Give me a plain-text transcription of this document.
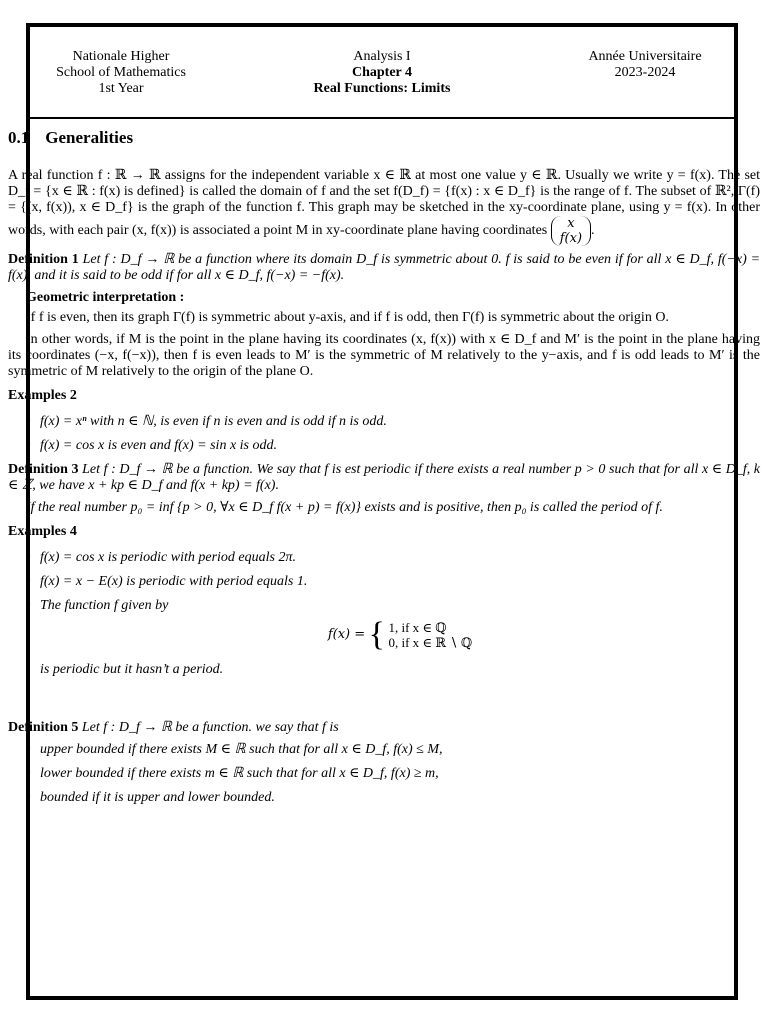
Nationale Higher
School of Mathematics
1st Year
Analysis I
Chapter 4
Real Functions: Limits
Année Universitaire
2023-2024
0.1 Generalities

A real function f : ℝ → ℝ assigns for the independent variable x ∈ ℝ at most one value y ∈ ℝ. Usually we write y = f(x). The set D_f = {x ∈ ℝ : f(x) is defined} is called the domain of f and the set f(D_f) = {f(x) : x ∈ D_f} is the range of f. The subset of ℝ², Γ(f) = {(x, f(x)), x ∈ D_f} is the graph of the function f. This graph may be sketched in the xy-coordinate plane, using y = f(x). In other words, with each pair (x, f(x)) is associated a point M in xy-coordinate plane having coordinates x
f(x).

Definition 1 Let f : D_f → ℝ be a function where its domain D_f is symmetric about 0. f is said to be even if for all x ∈ D_f, f(−x) = f(x), and it is said to be odd if for all x ∈ D_f, f(−x) = −f(x).

Geometric interpretation :

If f is even, then its graph Γ(f) is symmetric about y-axis, and if f is odd, then Γ(f) is symmetric about the origin O.

In other words, if M is the point in the plane having its coordinates (x, f(x)) with x ∈ D_f and M′ is the point in the plane having its coordinates (−x, f(−x)), then f is even leads to M′ is the symmetric of M relatively to the y−axis, and f is odd leads to M′ is the symmetric of M relatively to the origin of the plane O.

Examples 2
• f(x) = xⁿ with n ∈ ℕ, is even if n is even and is odd if n is odd.
• f(x) = cos x is even and f(x) = sin x is odd.

Definition 3 Let f : D_f → ℝ be a function. We say that f is est periodic if there exists a real number p > 0 such that for all x ∈ D_f, k ∈ ℤ, we have x + kp ∈ D_f and f(x + kp) = f(x).

If the real number p₀ = inf {p > 0, ∀x ∈ D_f f(x + p) = f(x)} exists and is positive, then p₀ is called the period of f.

Examples 4
• f(x) = cos x is periodic with period equals 2π.
• f(x) = x − E(x) is periodic with period equals 1.
• The function f given by
f(x) = { 1, if x ∈ ℚ
0, if x ∈ ℝ ∖ ℚ
is periodic but it hasn’t a period.

Definition 5 Let f : D_f → ℝ be a function. we say that f is

• upper bounded if there exists M ∈ ℝ such that for all x ∈ D_f, f(x) ≤ M,
• lower bounded if there exists m ∈ ℝ such that for all x ∈ D_f, f(x) ≥ m,
• bounded if it is upper and lower bounded.
